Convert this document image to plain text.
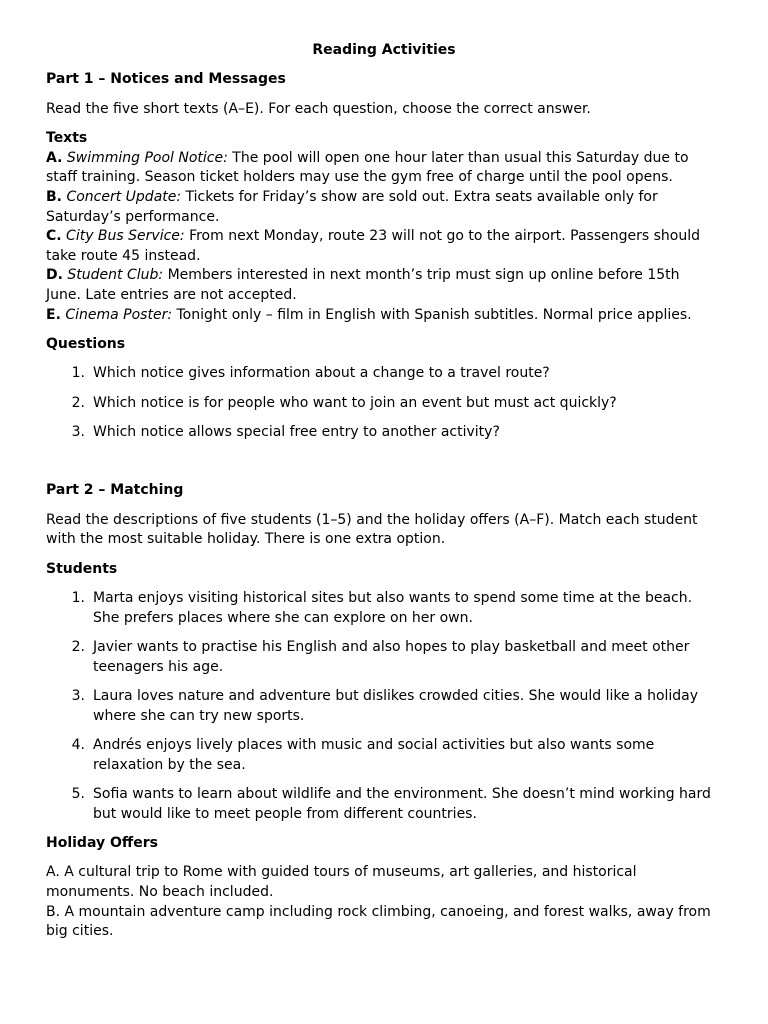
Reading Activities
Part 1 – Notices and Messages
Read the five short texts (A–E). For each question, choose the correct answer.
Texts
A. Swimming Pool Notice: The pool will open one hour later than usual this Saturday due to staff training. Season ticket holders may use the gym free of charge until the pool opens.
B. Concert Update: Tickets for Friday’s show are sold out. Extra seats available only for Saturday’s performance.
C. City Bus Service: From next Monday, route 23 will not go to the airport. Passengers should take route 45 instead.
D. Student Club: Members interested in next month’s trip must sign up online before 15th June. Late entries are not accepted.
E. Cinema Poster: Tonight only – film in English with Spanish subtitles. Normal price applies.
Questions
1. Which notice gives information about a change to a travel route?
2. Which notice is for people who want to join an event but must act quickly?
3. Which notice allows special free entry to another activity?
Part 2 – Matching
Read the descriptions of five students (1–5) and the holiday offers (A–F). Match each student with the most suitable holiday. There is one extra option.
Students
1. Marta enjoys visiting historical sites but also wants to spend some time at the beach. She prefers places where she can explore on her own.
2. Javier wants to practise his English and also hopes to play basketball and meet other teenagers his age.
3. Laura loves nature and adventure but dislikes crowded cities. She would like a holiday where she can try new sports.
4. Andrés enjoys lively places with music and social activities but also wants some relaxation by the sea.
5. Sofia wants to learn about wildlife and the environment. She doesn’t mind working hard but would like to meet people from different countries.
Holiday Offers
A. A cultural trip to Rome with guided tours of museums, art galleries, and historical monuments. No beach included.
B. A mountain adventure camp including rock climbing, canoeing, and forest walks, away from big cities.
